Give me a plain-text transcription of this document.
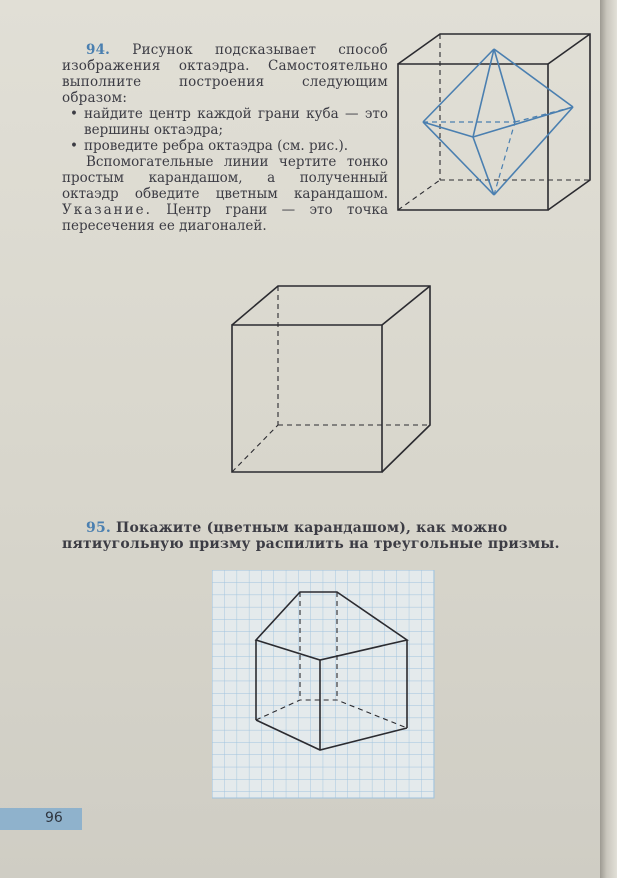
94. Рисунок подсказывает способ изображения октаэдра. Самостоятельно выполните построения следующим образом:

• найдите центр каждой грани куба — это вершины октаэдра;
• проведите ребра октаэдра (см. рис.).

Вспомогательные линии чертите тонко простым карандашом, а полученный октаэдр обведите цветным карандашом. Указание. Центр грани — это точка пересечения ее диагоналей.

95. Покажите (цветным карандашом), как можно пятиугольную призму распилить на треугольные призмы.

96
